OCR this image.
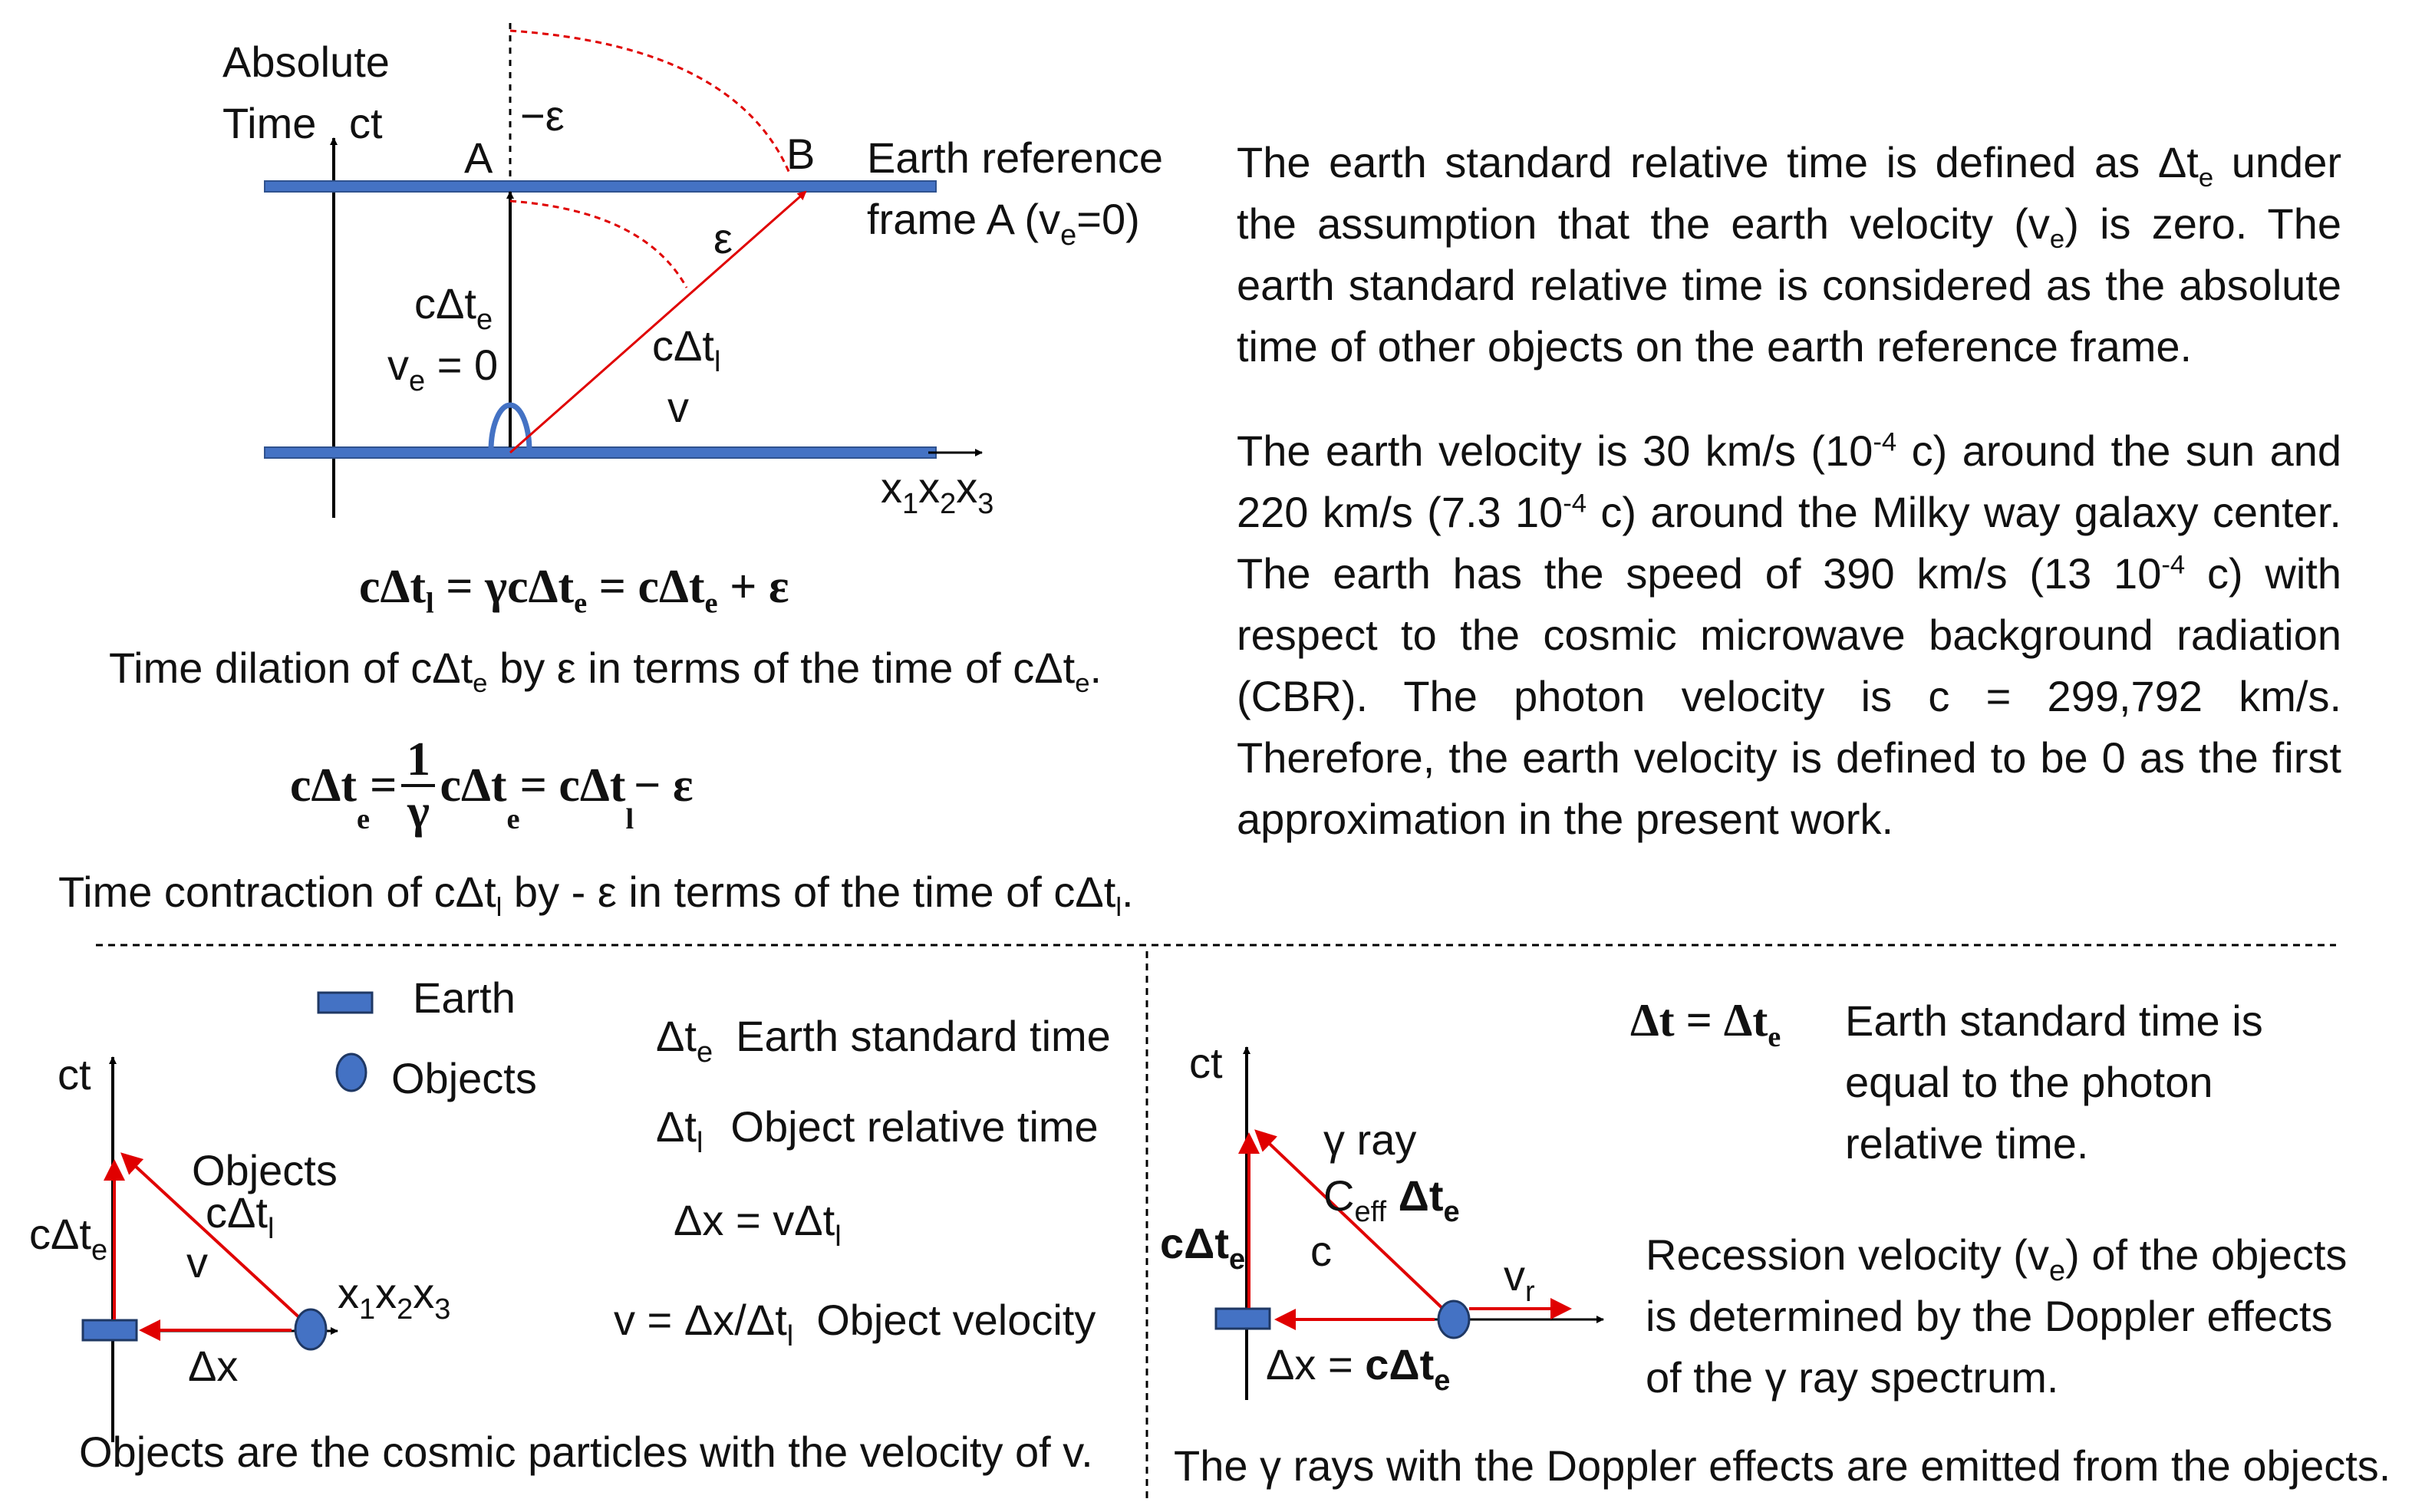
Absolute
Time ct
A	B
−ε
ε
Earth reference
frame A $(v_e=0)$
cΔt$_e$
$v_e = 0$	cΔt$_l$
v
$x_1x_2x_3$
Earth
Objects
ct
Objects
cΔt$_l$
v
cΔt$_e$
Δx
$x_1x_2x_3$
$\Delta t_e$ Earth standard time
$\Delta t_l$ Object relative time
Δx = vΔt$_l$
$v = \Delta x/\Delta t_l$ Object velocity
Objects are the cosmic particles with the velocity of v.
ct
γ ray
$C_{eff}$ $\Delta t_e$
cΔt$_e$ c
$v_r$
Δx = cΔt$_e$
$\Delta t = \Delta t_e$ Earth standard time is
equal to the photon
relative time.
Recession velocity $(v_e)$ of the objects
is determined by the Doppler effects
of the γ ray spectrum.
The γ rays with the Doppler effects are emitted from the objects.
cΔt$_l$ = γcΔt$_e$ = cΔt$_e$ + ε
Time dilation of cΔt$_e$ by ε in terms of the time of cΔt$_e$.
cΔt
e
= 1
γ
cΔt
e
= cΔt
l
− ε
Time contraction of cΔt$_l$ by - ε in terms of the time of cΔt$_l$.

The earth standard relative time is defined as $\Delta t_e$ under the assumption that the earth velocity $(v_e)$ is zero. The earth standard relative time is considered as the absolute time of other objects on the earth reference frame.

The earth velocity is 30 km/s ($10^{-4}$ c) around the sun and 220 km/s (7.3 $10^{-4}$ c) around the Milky way galaxy center. The earth has the speed of 390 km/s (13 $10^{-4}$ c) with respect to the cosmic microwave background radiation (CBR). The photon velocity is c = 299,792 km/s. Therefore, the earth velocity is defined to be 0 as the first approximation in the present work.
